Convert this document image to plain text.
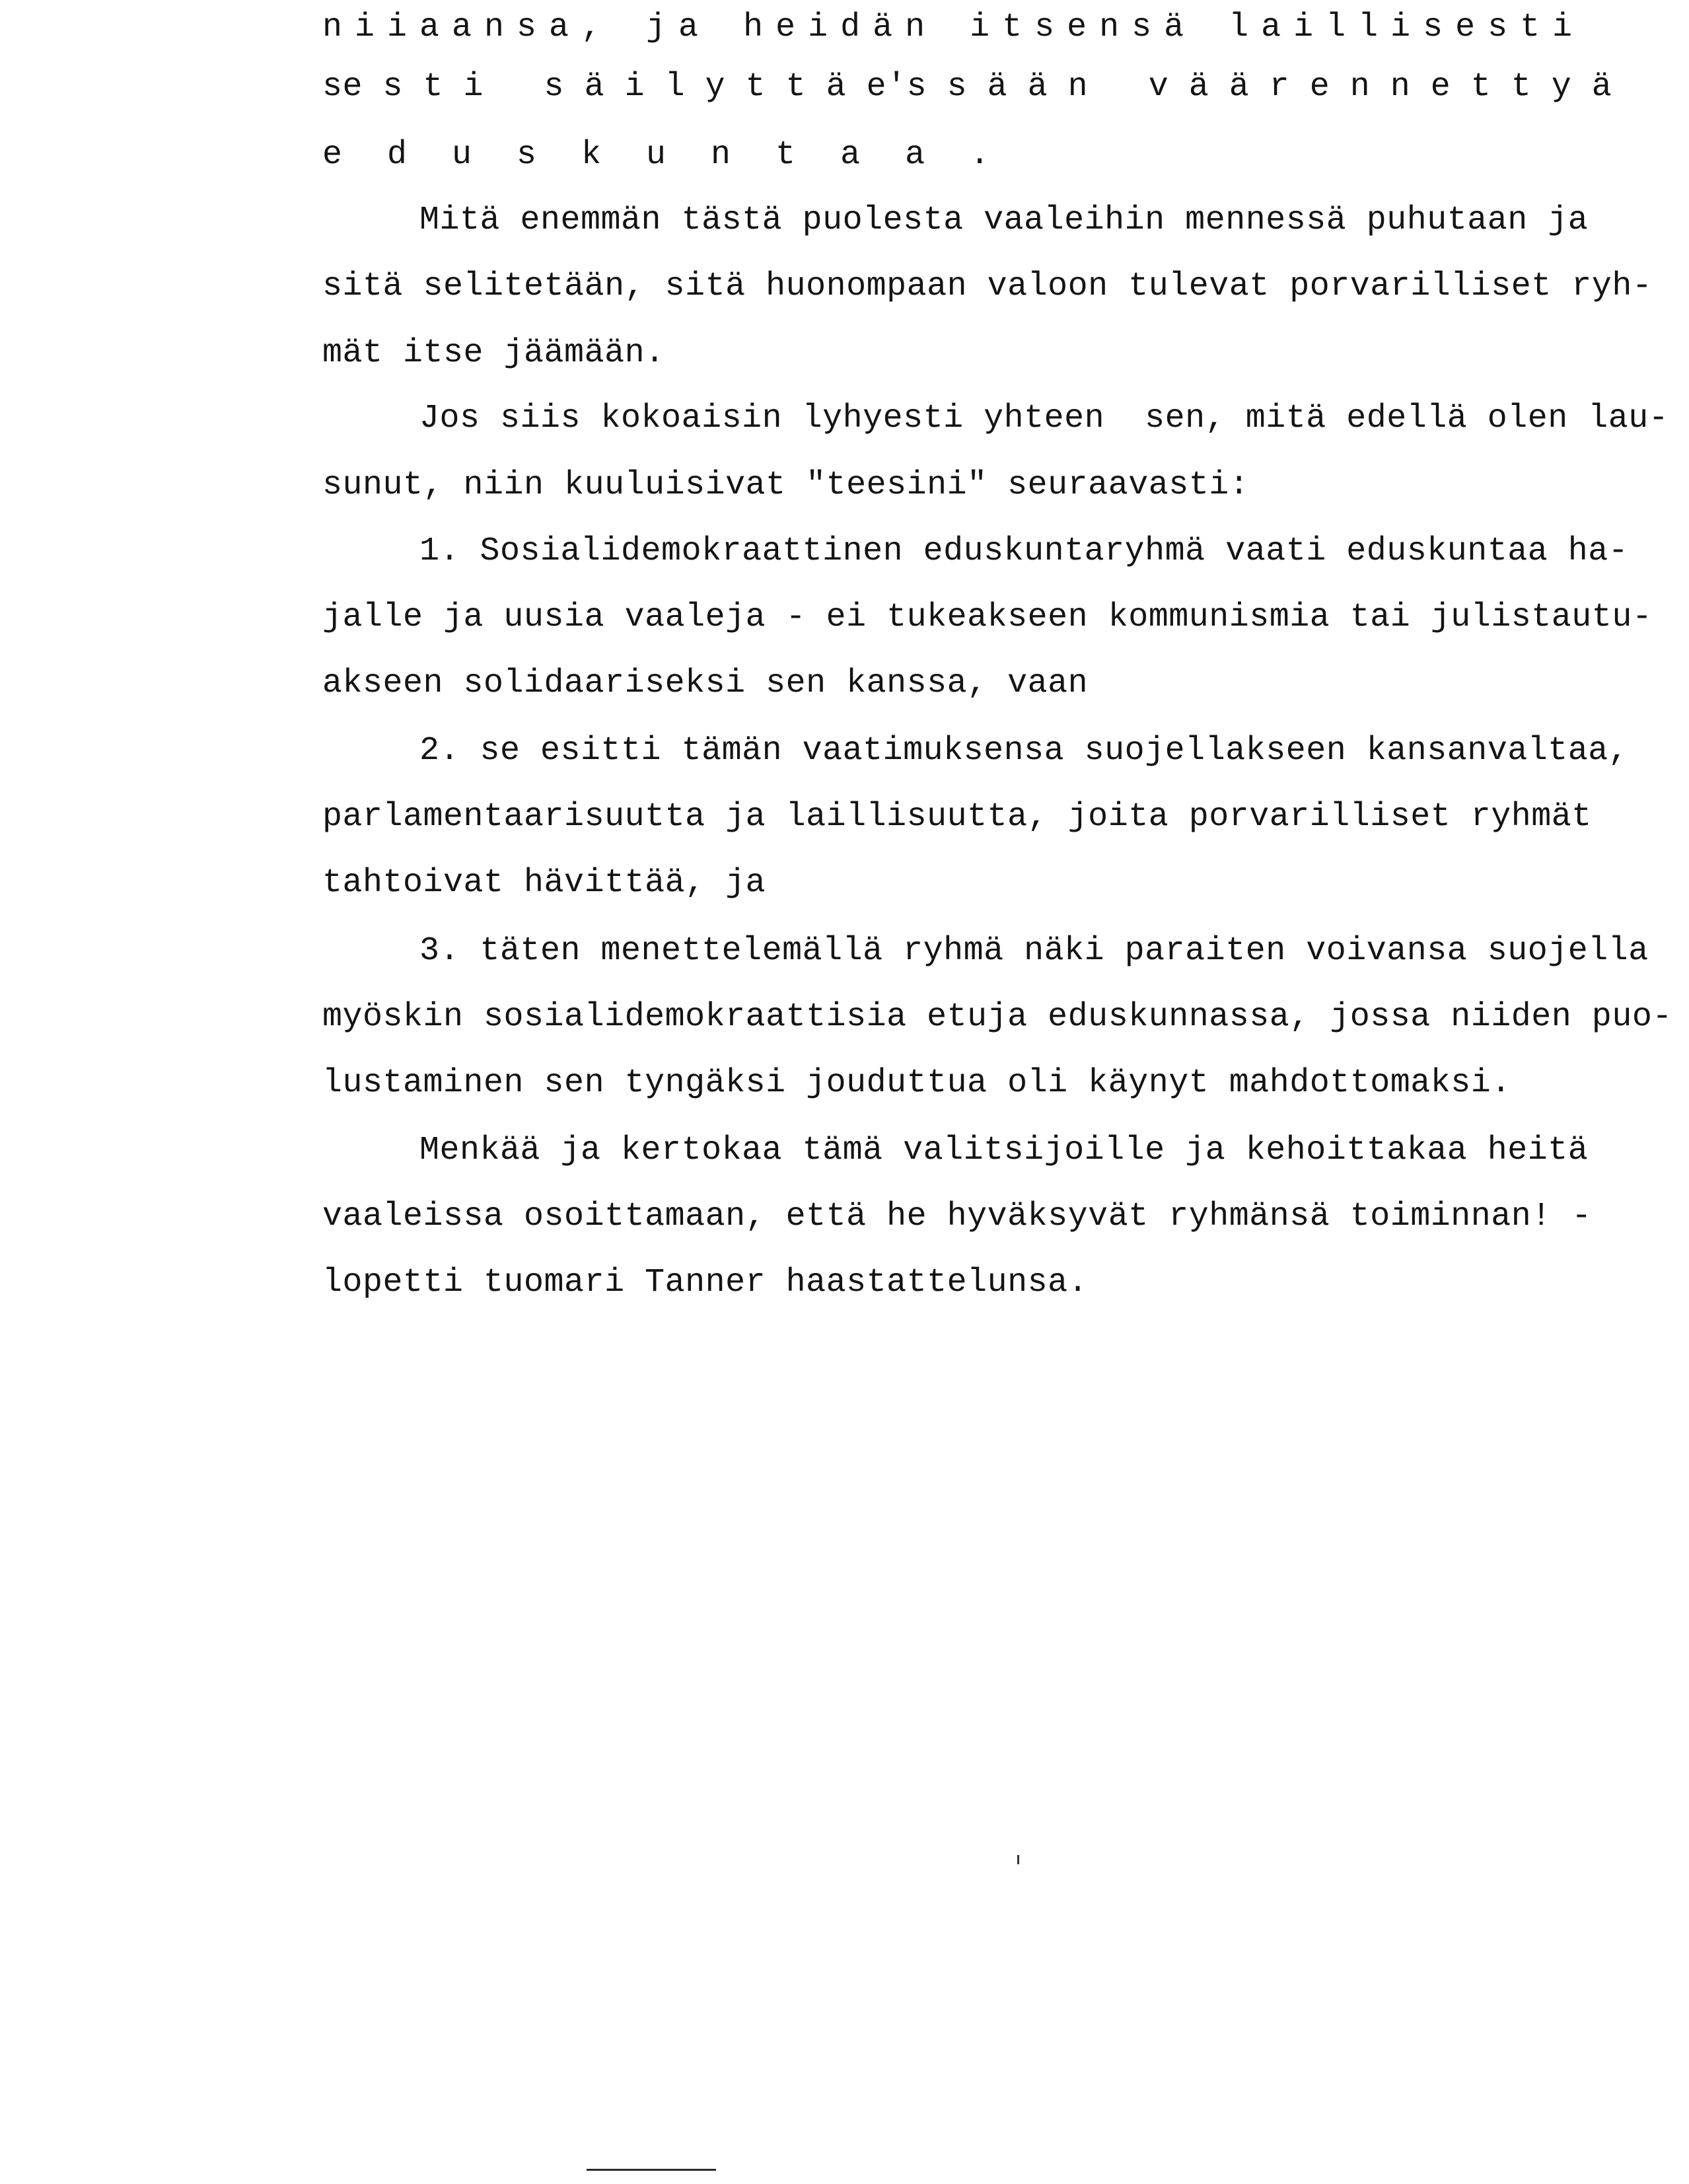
niiaansa, ja heidän itsensä laillisesti
se s t i   s ä i l y t t ä e's s ä ä n   v ä ä r e n n e t t y ä
e d u s k u n t a a .
Mitä enemmän tästä puolesta vaaleihin mennessä puhutaan ja
sitä selitetään, sitä huonompaan valoon tulevat porvarilliset ryh-
mät itse jäämään.
Jos siis kokoaisin lyhyesti yhteen  sen, mitä edellä olen lau-
sunut, niin kuuluisivat "teesini" seuraavasti:
1. Sosialidemokraattinen eduskuntaryhmä vaati eduskuntaa ha-
jalle ja uusia vaaleja - ei tukeakseen kommunismia tai julistautu-
akseen solidaariseksi sen kanssa, vaan
2. se esitti tämän vaatimuksensa suojellakseen kansanvaltaa,
parlamentaarisuutta ja laillisuutta, joita porvarilliset ryhmät
tahtoivat hävittää, ja
3. täten menettelemällä ryhmä näki paraiten voivansa suojella
myöskin sosialidemokraattisia etuja eduskunnassa, jossa niiden puo-
lustaminen sen tyngäksi jouduttua oli käynyt mahdottomaksi.
Menkää ja kertokaa tämä valitsijoille ja kehoittakaa heitä
vaaleissa osoittamaan, että he hyväksyvät ryhmänsä toiminnan! -
lopetti tuomari Tanner haastattelunsa.
